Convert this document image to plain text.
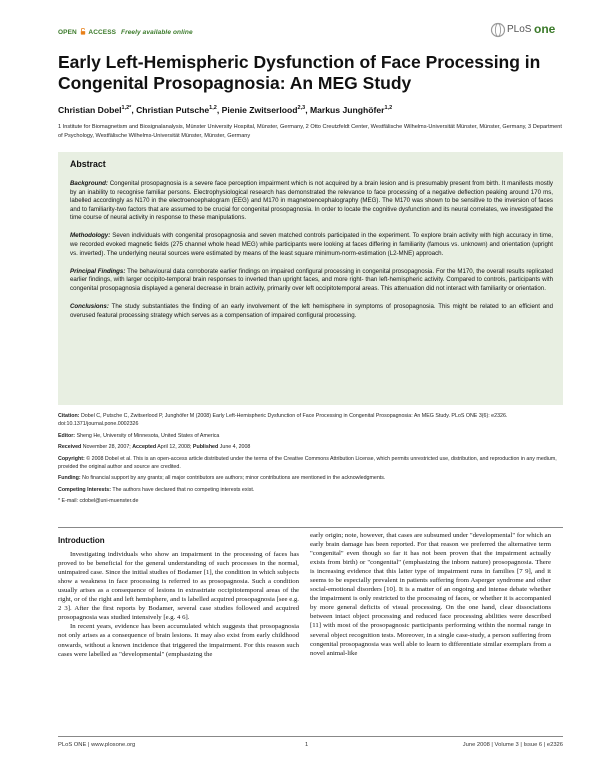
OPEN ACCESS Freely available online	PLoS one
Early Left-Hemispheric Dysfunction of Face Processing in Congenital Prosopagnosia: An MEG Study
Christian Dobel$^{1,2*}$, Christian Putsche$^{1,2}$, Pienie Zwitserlood$^{2,3}$, Markus Junghöfer$^{1,2}$
1 Institute for Biomagnetism and Biosignalanalysis, Münster University Hospital, Münster, Germany, 2 Otto Creutzfeldt Center, Westfälische Wilhelms-Universität Münster, Münster, Germany, 3 Department of Psychology, Westfälische Wilhelms-Universität Münster, Münster, Germany
Abstract

Background: Congenital prosopagnosia is a severe face perception impairment which is not acquired by a brain lesion and is presumably present from birth. It manifests mostly by an inability to recognise familiar persons. Electrophysiological research has demonstrated the relevance to face processing of a negative deflection peaking around 170 ms, labelled accordingly as N170 in the electroencephalogram (EEG) and M170 in magnetoencephalography (MEG). The M170 was shown to be sensitive to the inversion of faces and to familiarity-two factors that are assumed to be crucial for congenital prosopagnosia. In order to locate the cognitive dysfunction and its neural correlates, we investigated the time course of neural activity in response to these manipulations.

Methodology: Seven individuals with congenital prosopagnosia and seven matched controls participated in the experiment. To explore brain activity with high accuracy in time, we recorded evoked magnetic fields (275 channel whole head MEG) while participants were looking at faces differing in familiarity (famous vs. unknown) and orientation (upright vs. inverted). The underlying neural sources were estimated by means of the least square minimum-norm-estimation (L2-MNE) approach.

Principal Findings: The behavioural data corroborate earlier findings on impaired configural processing in congenital prosopagnosia. For the M170, the overall results replicated earlier findings, with larger occipito-temporal brain responses to inverted than upright faces, and more right- than left-hemispheric activity. Compared to controls, participants with congenital prosopagnosia displayed a general decrease in brain activity, primarily over left occipitotemporal areas. This attenuation did not interact with familiarity or orientation.

Conclusions: The study substantiates the finding of an early involvement of the left hemisphere in symptoms of prosopagnosia. This might be related to an efficient and overused featural processing strategy which serves as a compensation of impaired configural processing.

Citation: Dobel C, Putsche C, Zwitserlood P, Junghöfer M (2008) Early Left-Hemispheric Dysfunction of Face Processing in Congenital Prosopagnosia: An MEG Study. PLoS ONE 3(6): e2326. doi:10.1371/journal.pone.0002326

Editor: Sheng He, University of Minnesota, United States of America

Received November 28, 2007; Accepted April 12, 2008; Published June 4, 2008

Copyright: © 2008 Dobel et al. This is an open-access article distributed under the terms of the Creative Commons Attribution License, which permits unrestricted use, distribution, and reproduction in any medium, provided the original author and source are credited.

Funding: No financial support by any grants; all major contributors are authors; minor contributions are mentioned in the acknowledgments.

Competing Interests: The authors have declared that no competing interests exist.

* E-mail: cdobel@uni-muenster.de

Introduction

Investigating individuals who show an impairment in the processing of faces has proved to be beneficial for the general understanding of such processes in the normal, unimpaired case. Since the initial studies of Bodamer [1], the condition in which subjects show a weakness in face processing is referred to as prosopagnosia. Such a condition usually arises as a consequence of lesions in extrastriate occipitotemporal areas of the right, or of the right and left hemisphere, and is labelled acquired prosopagnosia [see e.g. 2 3]. After the first reports by Bodamer, several case studies followed and acquired prosopagnosia was studied intensively [e.g. 4 6].

In recent years, evidence has been accumulated which suggests that prosopagnosia not only arises as a consequence of brain lesions. It may also exist from early childhood onwards, without a known incidence that triggered the impairment. For this reason such cases were labelled as "developmental" (emphasizing the

early origin; note, however, that cases are subsumed under "developmental" for which an early brain damage has been reported. For that reason we preferred the alternative term "congenital" even though so far it has not been proven that the impairment actually exists from birth) or "congenital" (emphasizing the inborn nature) prosopagnosia. There is increasing evidence that this latter type of impairment runs in families [7 9], and it seems to be especially prevalent in patients suffering from Asperger syndrome and other social-emotional disorders [10]. It is a matter of an ongoing and intense debate whether the impairment is only restricted to the processing of faces, or whether it is accompanied by more general deficits of visual processing. On the one hand, clear dissociations between intact object processing and reduced face processing abilities were described [11] with most of the prosopagnosic participants performing within the normal range in several object recognition tests. Moreover, in a single case-study, a person suffering from congenital prosopagnosia was well able to learn to differentiate similar exemplars from a novel animal-like

PLoS ONE | www.plosone.org	1	June 2008 | Volume 3 | Issue 6 | e2326
